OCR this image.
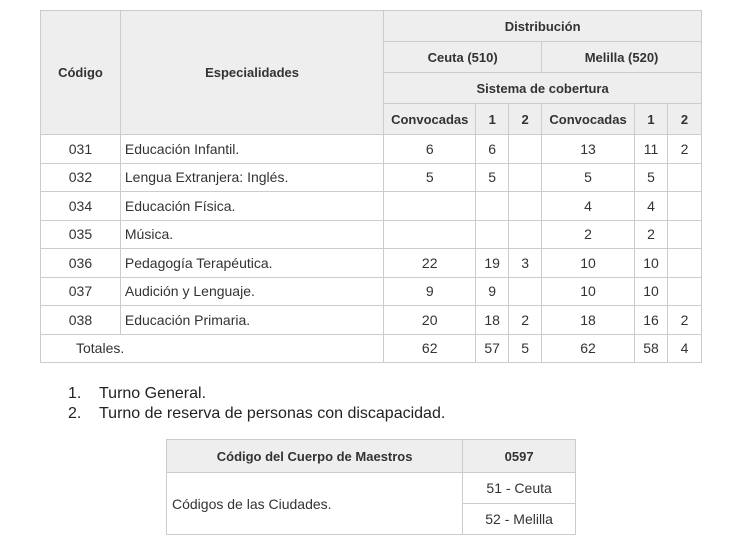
Código	Especialidades	Distribución					
		Ceuta (510)			Melilla (520)		
		Sistema de cobertura					
		Convocadas	1	2	Convocadas	1	2
031	Educación Infantil.	6	6		13	11	2
032	Lengua Extranjera: Inglés.	5	5		5	5	
034	Educación Física.				4	4	
035	Música.				2	2	
036	Pedagogía Terapéutica.	22	19	3	10	10	
037	Audición y Lenguaje.	9	9		10	10	
038	Educación Primaria.	20	18	2	18	16	2
Totales.		62	57	5	62	58	4
1. Turno General.
2. Turno de reserva de personas con discapacidad.
Código del Cuerpo de Maestros	0597
Códigos de las Ciudades.	51 - Ceuta
	52 - Melilla
